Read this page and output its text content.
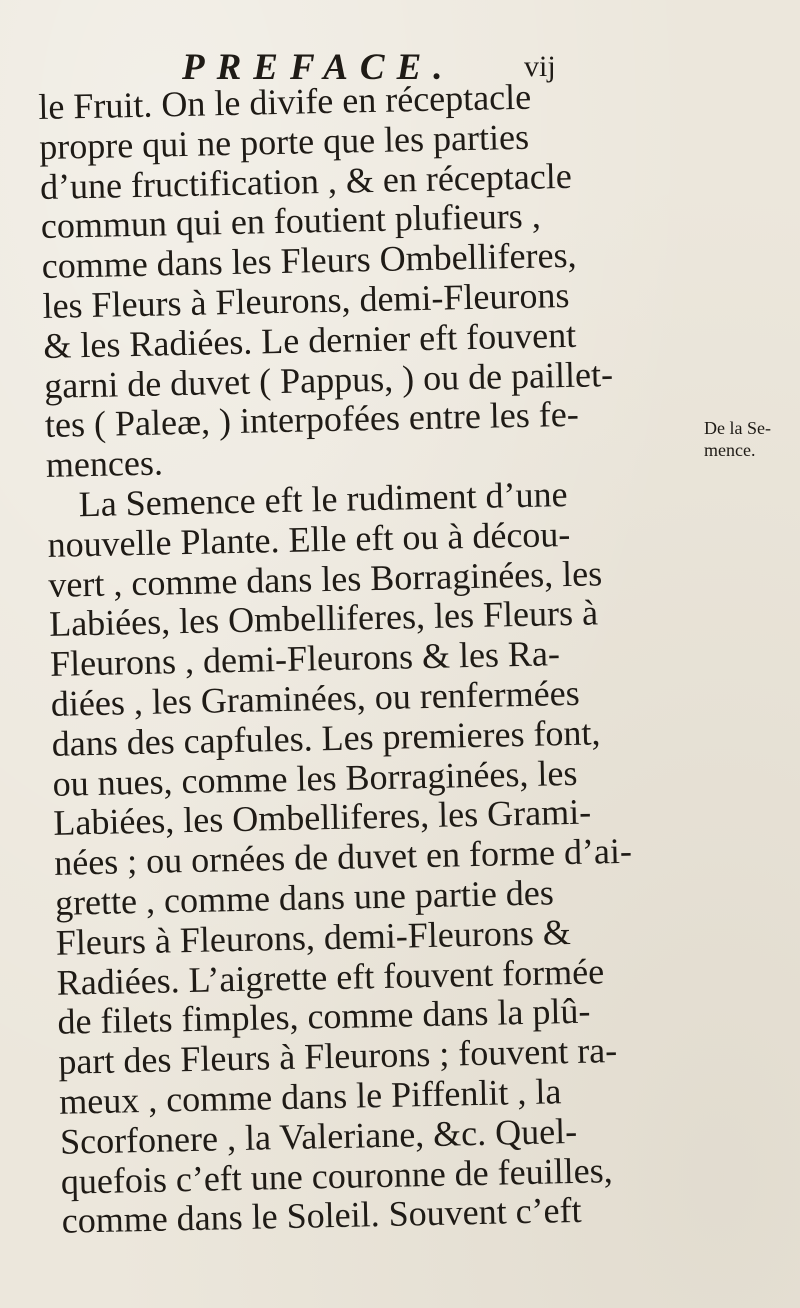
PREFACE. vij
le Fruit. On le divife en réceptacle
propre qui ne porte que les parties
d’une fructification , & en réceptacle
commun qui en foutient plufieurs ,
comme dans les Fleurs Ombelliferes,
les Fleurs à Fleurons, demi-Fleurons
& les Radiées. Le dernier eft fouvent
garni de duvet ( Pappus, ) ou de paillet-
tes ( Paleæ, ) interpofées entre les fe-
mences.
La Semence eft le rudiment d’une
nouvelle Plante. Elle eft ou à décou-
vert , comme dans les Borraginées, les
Labiées, les Ombelliferes, les Fleurs à
Fleurons , demi-Fleurons & les Ra-
diées , les Graminées, ou renfermées
dans des capfules. Les premieres font,
ou nues, comme les Borraginées, les
Labiées, les Ombelliferes, les Grami-
nées ; ou ornées de duvet en forme d’ai-
grette , comme dans une partie des
Fleurs à Fleurons, demi-Fleurons &
Radiées. L’aigrette eft fouvent formée
de filets fimples, comme dans la plû-
part des Fleurs à Fleurons ; fouvent ra-
meux , comme dans le Piffenlit , la
Scorfonere , la Valeriane, &c. Quel-
quefois c’eft une couronne de feuilles,
comme dans le Soleil. Souvent c’eft
De la Se-
mence.
